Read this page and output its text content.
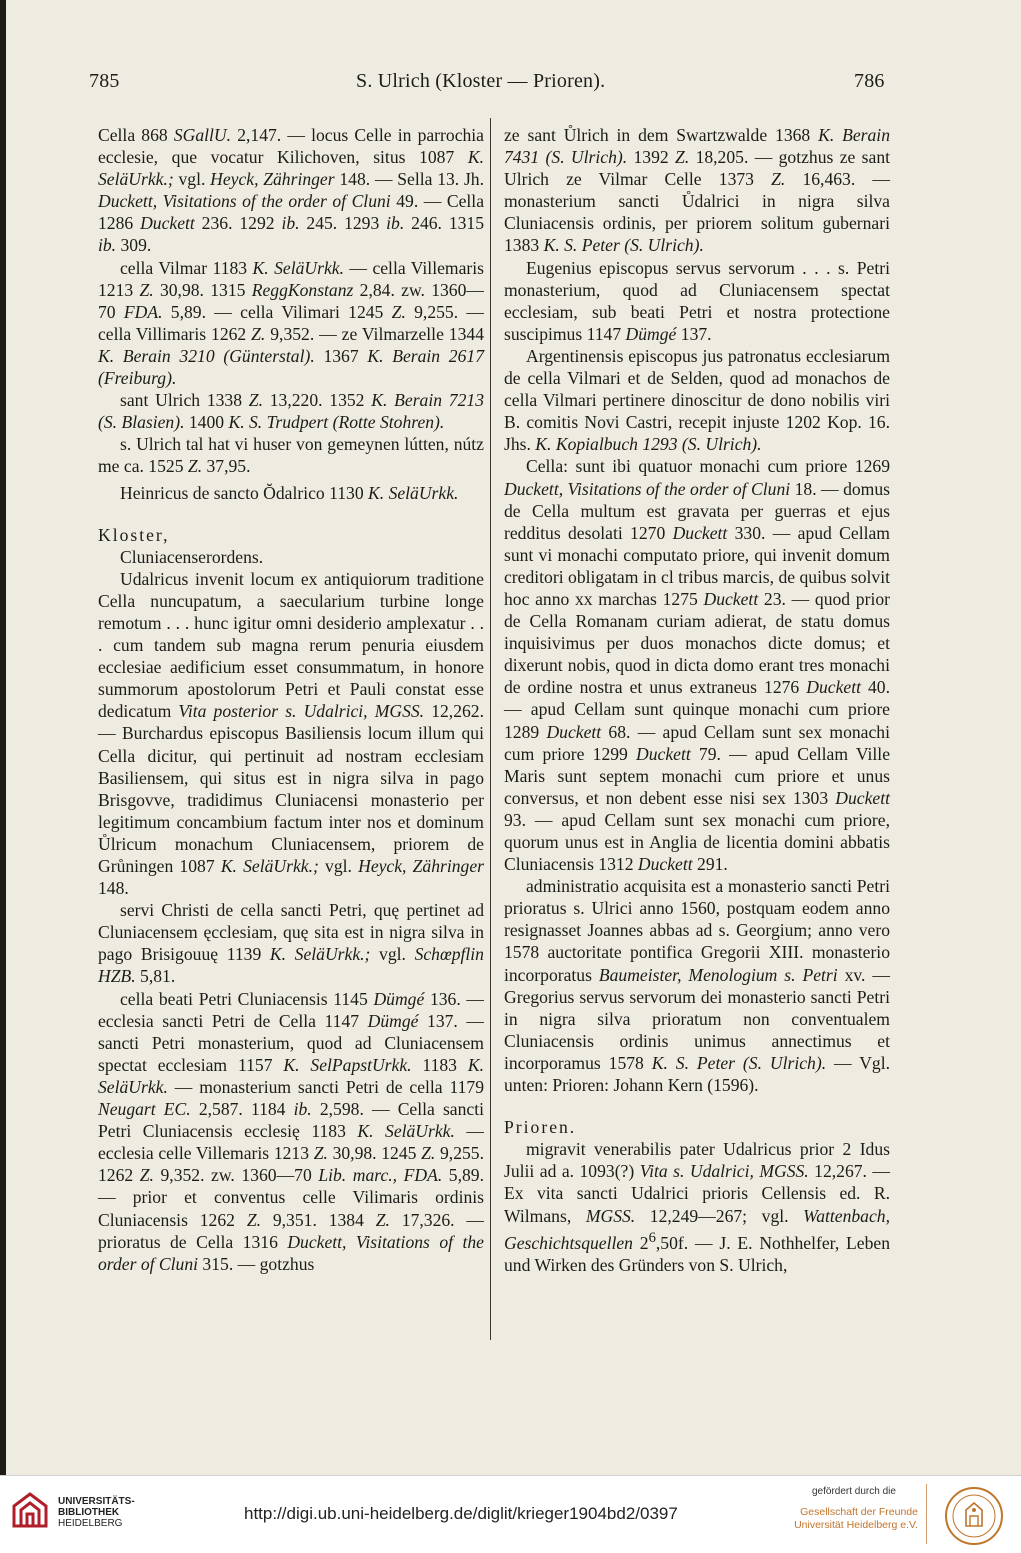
785	S. Ulrich (Kloster — Prioren).	786
Cella 868 SGallU. 2,147. — locus Celle in parrochia ecclesie, que vocatur Kilichoven, situs 1087 K. SeläUrkk.; vgl. Heyck, Zähringer 148. — Sella 13. Jh. Duckett, Visitations of the order of Cluni 49. — Cella 1286 Duckett 236. 1292 ib. 245. 1293 ib. 246. 1315 ib. 309.
cella Vilmar 1183 K. SeläUrkk. — cella Villemaris 1213 Z. 30,98. 1315 ReggKonstanz 2,84. zw. 1360—70 FDA. 5,89. — cella Vilimari 1245 Z. 9,255. — cella Villimaris 1262 Z. 9,352. — ze Vilmarzelle 1344 K. Berain 3210 (Günterstal). 1367 K. Berain 2617 (Freiburg).
sant Ulrich 1338 Z. 13,220. 1352 K. Berain 7213 (S. Blasien). 1400 K. S. Trudpert (Rotte Stohren).
s. Ulrich tal hat vi huser von gemeynen lútten, nútz me ca. 1525 Z. 37,95.
Heinricus de sancto Ŏdalrico 1130 K. SeläUrkk.
Kloster,
Cluniacenserordens.
Udalricus invenit locum ex antiquiorum traditione Cella nuncupatum, a saecularium turbine longe remotum . . . hunc igitur omni desiderio amplexatur . . . cum tandem sub magna rerum penuria eiusdem ecclesiae aedificium esset consummatum, in honore summorum apostolorum Petri et Pauli constat esse dedicatum Vita posterior s. Udalrici, MGSS. 12,262. — Burchardus episcopus Basiliensis locum illum qui Cella dicitur, qui pertinuit ad nostram ecclesiam Basiliensem, qui situs est in nigra silva in pago Brisgovve, tradidimus Cluniacensi monasterio per legitimum concambium factum inter nos et dominum Ůlricum monachum Cluniacensem, priorem de Grůningen 1087 K. SeläUrkk.; vgl. Heyck, Zähringer 148.
servi Christi de cella sancti Petri, quę pertinet ad Cluniacensem ęcclesiam, quę sita est in nigra silva in pago Brisigouuę 1139 K. SeläUrkk.; vgl. Schœpflin HZB. 5,81.
cella beati Petri Cluniacensis 1145 Dümgé 136. — ecclesia sancti Petri de Cella 1147 Dümgé 137. — sancti Petri monasterium, quod ad Cluniacensem spectat ecclesiam 1157 K. SelPapstUrkk. 1183 K. SeläUrkk. — monasterium sancti Petri de cella 1179 Neugart EC. 2,587. 1184 ib. 2,598. — Cella sancti Petri Cluniacensis ecclesię 1183 K. SeläUrkk. — ecclesia celle Villemaris 1213 Z. 30,98. 1245 Z. 9,255. 1262 Z. 9,352. zw. 1360—70 Lib. marc., FDA. 5,89. — prior et conventus celle Vilimaris ordinis Cluniacensis 1262 Z. 9,351. 1384 Z. 17,326. — prioratus de Cella 1316 Duckett, Visitations of the order of Cluni 315. — gotzhus
ze sant Ůlrich in dem Swartzwalde 1368 K. Berain 7431 (S. Ulrich). 1392 Z. 18,205. — gotzhus ze sant Ulrich ze Vilmar Celle 1373 Z. 16,463. — monasterium sancti Ůdalrici in nigra silva Cluniacensis ordinis, per priorem solitum gubernari 1383 K. S. Peter (S. Ulrich).
Eugenius episcopus servus servorum . . . s. Petri monasterium, quod ad Cluniacensem spectat ecclesiam, sub beati Petri et nostra protectione suscipimus 1147 Dümgé 137.
Argentinensis episcopus jus patronatus ecclesiarum de cella Vilmari et de Selden, quod ad monachos de cella Vilmari pertinere dinoscitur de dono nobilis viri B. comitis Novi Castri, recepit injuste 1202 Kop. 16. Jhs. K. Kopialbuch 1293 (S. Ulrich).
Cella: sunt ibi quatuor monachi cum priore 1269 Duckett, Visitations of the order of Cluni 18. — domus de Cella multum est gravata per guerras et ejus redditus desolati 1270 Duckett 330. — apud Cellam sunt vi monachi computato priore, qui invenit domum creditori obligatam in cl tribus marcis, de quibus solvit hoc anno xx marchas 1275 Duckett 23. — quod prior de Cella Romanam curiam adierat, de statu domus inquisivimus per duos monachos dicte domus; et dixerunt nobis, quod in dicta domo erant tres monachi de ordine nostra et unus extraneus 1276 Duckett 40. — apud Cellam sunt quinque monachi cum priore 1289 Duckett 68. — apud Cellam sunt sex monachi cum priore 1299 Duckett 79. — apud Cellam Ville Maris sunt septem monachi cum priore et unus conversus, et non debent esse nisi sex 1303 Duckett 93. — apud Cellam sunt sex monachi cum priore, quorum unus est in Anglia de licentia domini abbatis Cluniacensis 1312 Duckett 291.
administratio acquisita est a monasterio sancti Petri prioratus s. Ulrici anno 1560, postquam eodem anno resignasset Joannes abbas ad s. Georgium; anno vero 1578 auctoritate pontifica Gregorii XIII. monasterio incorporatus Baumeister, Menologium s. Petri xv. — Gregorius servus servorum dei monasterio sancti Petri in nigra silva prioratum non conventualem Cluniacensis ordinis unimus annectimus et incorporamus 1578 K. S. Peter (S. Ulrich). — Vgl. unten: Prioren: Johann Kern (1596).
Prioren.
migravit venerabilis pater Udalricus prior 2 Idus Julii ad a. 1093(?) Vita s. Udalrici, MGSS. 12,267. — Ex vita sancti Udalrici prioris Cellensis ed. R. Wilmans, MGSS. 12,249—267; vgl. Wattenbach, Geschichtsquellen $2^6,50f$. — J. E. Nothhelfer, Leben und Wirken des Gründers von S. Ulrich,
UNIVERSITÄTS-
BIBLIOTHEK
HEIDELBERG
http://digi.ub.uni-heidelberg.de/diglit/krieger1904bd2/0397
gefördert durch die
Gesellschaft der Freunde
Universität Heidelberg e.V.
